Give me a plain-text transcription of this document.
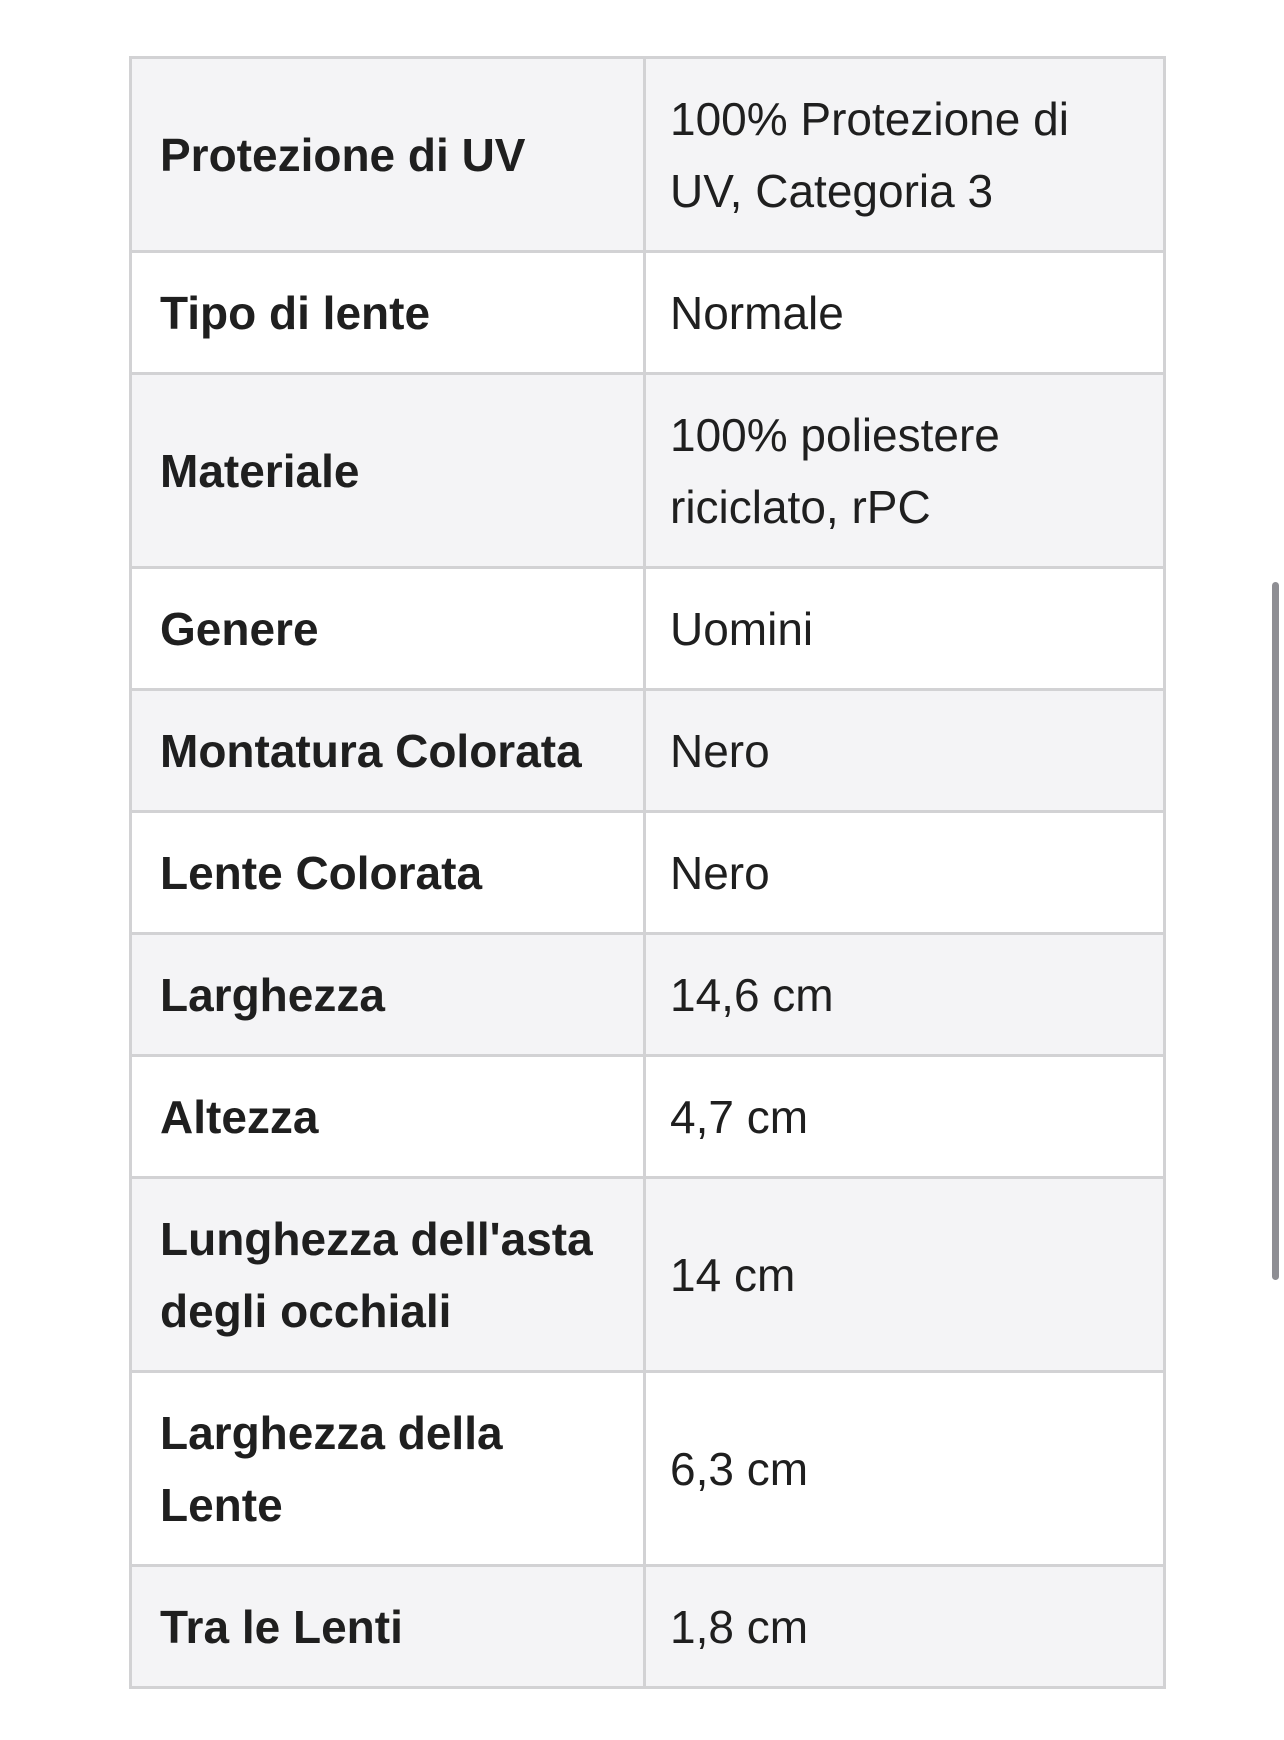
Protezione di UV	100% Protezione di UV, Categoria 3
Tipo di lente	Normale
Materiale	100% poliestere riciclato, rPC
Genere	Uomini
Montatura Colorata	Nero
Lente Colorata	Nero
Larghezza	14,6 cm
Altezza	4,7 cm
Lunghezza dell'asta degli occhiali	14 cm
Larghezza della Lente	6,3 cm
Tra le Lenti	1,8 cm
